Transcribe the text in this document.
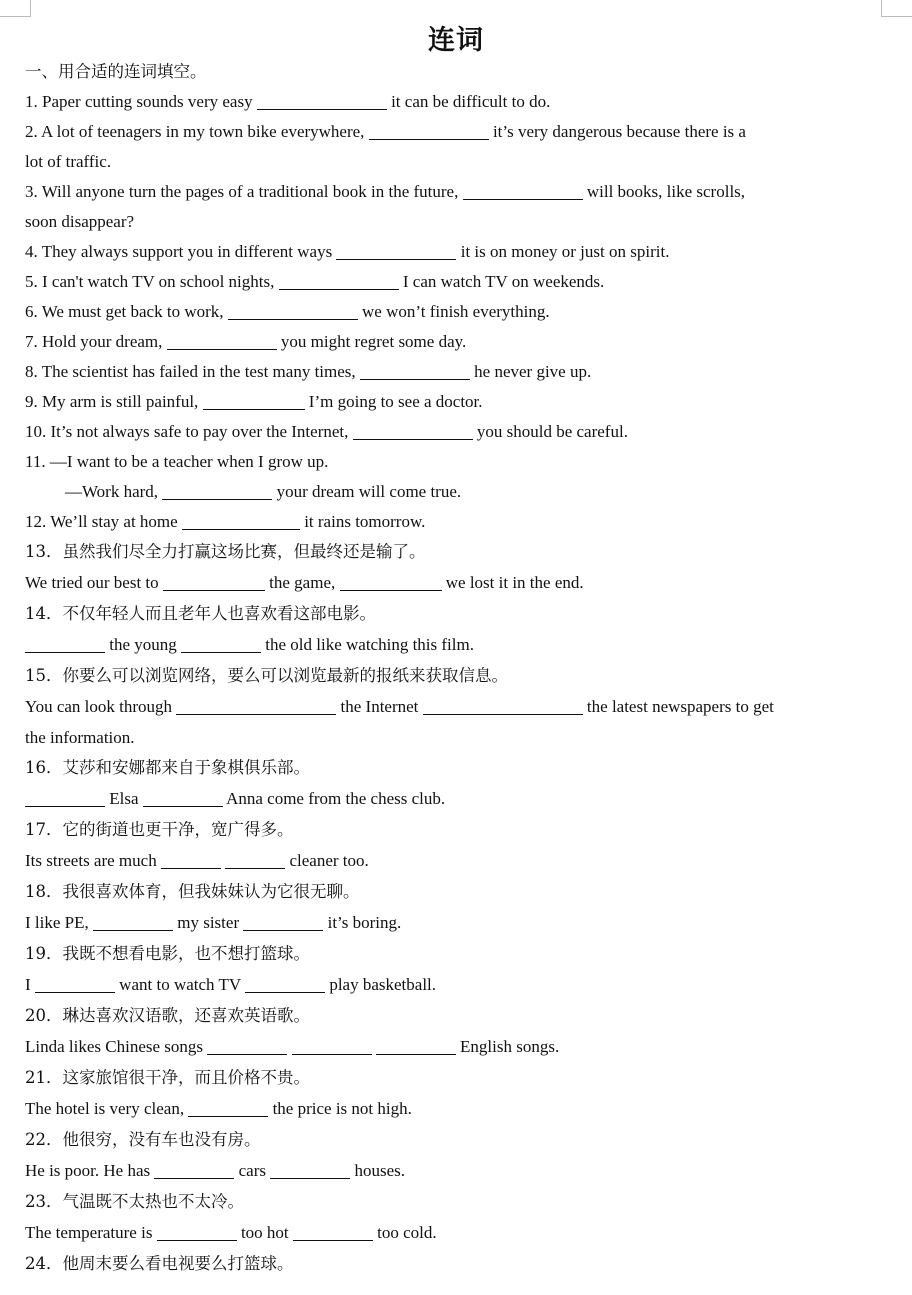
连词
一、用合适的连词填空。
1. Paper cutting sounds very easy	it can be difficult to do.
2. A lot of teenagers in my town bike everywhere,	it’s very dangerous because there is a
lot of traffic.
3. Will anyone turn the pages of a traditional book in the future,	will books, like scrolls,
soon disappear?
4. They always support you in different ways	it is on money or just on spirit.
5. I can't watch TV on school nights,	I can watch TV on weekends.
6. We must get back to work,	we won’t finish everything.
7. Hold your dream,	you might regret some day.
8. The scientist has failed in the test many times,	he never give up.
9. My arm is still painful,	I’m going to see a doctor.
10. It’s not always safe to pay over the Internet,	you should be careful.
11. —I want to be a teacher when I grow up.
—Work hard,	your dream will come true.
12. We’ll stay at home	it rains tomorrow.
13．虽然我们尽全力打赢这场比赛，但最终还是输了。
We tried our best to	the game,	we lost it in the end.
14．不仅年轻人而且老年人也喜欢看这部电影。
the young	the old like watching this film.
15．你要么可以浏览网络，要么可以浏览最新的报纸来获取信息。
You can look through	the Internet	the latest newspapers to get
the information.
16．艾莎和安娜都来自于象棋俱乐部。
Elsa	Anna come from the chess club.
17．它的街道也更干净，宽广得多。
Its streets are much	cleaner too.
18．我很喜欢体育，但我妹妹认为它很无聊。
I like PE,	my sister	it’s boring.
19．我既不想看电影，也不想打篮球。
I	want to watch TV	play basketball.
20．琳达喜欢汉语歌，还喜欢英语歌。
Linda likes Chinese songs	English songs.
21．这家旅馆很干净，而且价格不贵。
The hotel is very clean,	the price is not high.
22．他很穷，没有车也没有房。
He is poor. He has	cars	houses.
23．气温既不太热也不太冷。
The temperature is	too hot	too cold.
24．他周末要么看电视要么打篮球。
